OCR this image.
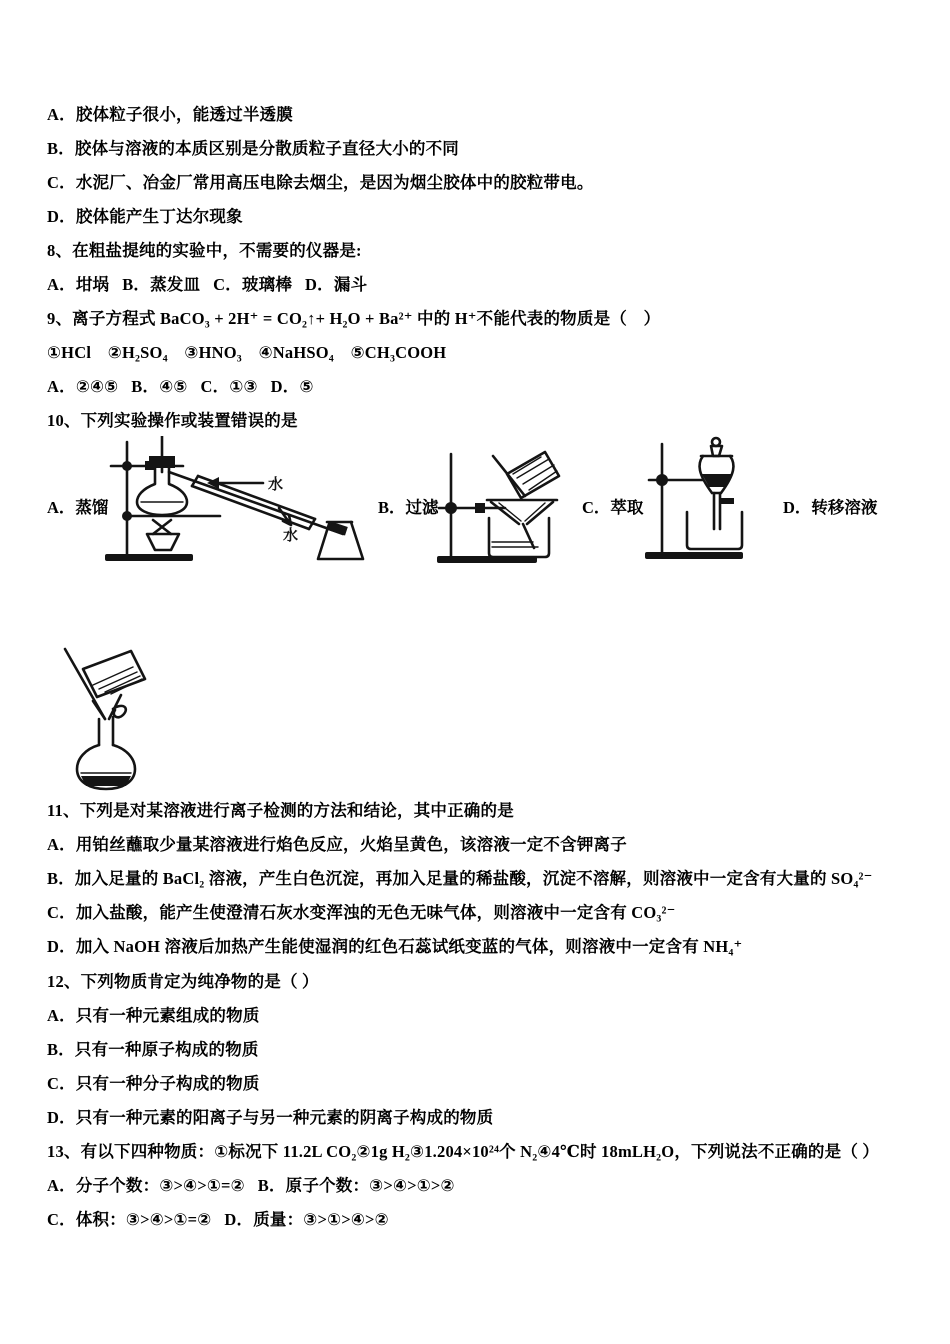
A．胶体粒子很小，能透过半透膜
B．胶体与溶液的本质区别是分散质粒子直径大小的不同
C．水泥厂、冶金厂常用高压电除去烟尘，是因为烟尘胶体中的胶粒带电。
D．胶体能产生丁达尔现象
8、在粗盐提纯的实验中，不需要的仪器是:
A．坩埚   B．蒸发皿   C．玻璃棒   D．漏斗
9、离子方程式 BaCO₃ + 2H⁺ = CO₂↑+ H₂O + Ba²⁺ 中的 H⁺不能代表的物质是（　）
①HCl　②H₂SO₄　③HNO₃　④NaHSO₄　⑤CH₃COOH
A．②④⑤   B．④⑤   C．①③   D．⑤
10、下列实验操作或装置错误的是
A．蒸馏	B．过滤	C．萃取	D．转移溶液
水
水
11、下列是对某溶液进行离子检测的方法和结论，其中正确的是
A．用铂丝蘸取少量某溶液进行焰色反应，火焰呈黄色，该溶液一定不含钾离子
B．加入足量的 BaCl₂ 溶液，产生白色沉淀，再加入足量的稀盐酸，沉淀不溶解，则溶液中一定含有大量的 SO₄²⁻
C．加入盐酸，能产生使澄清石灰水变浑浊的无色无味气体，则溶液中一定含有 CO₃²⁻
D．加入 NaOH 溶液后加热产生能使湿润的红色石蕊试纸变蓝的气体，则溶液中一定含有 NH₄⁺
12、下列物质肯定为纯净物的是（ ）
A．只有一种元素组成的物质
B．只有一种原子构成的物质
C．只有一种分子构成的物质
D．只有一种元素的阳离子与另一种元素的阴离子构成的物质
13、有以下四种物质：①标况下 11.2L CO₂②1g H₂③1.204×10²⁴个 N₂④4℃时 18mLH₂O，下列说法不正确的是（ ）
A．分子个数：③>④>①=②   B．原子个数：③>④>①>②
C．体积：③>④>①=②   D．质量：③>①>④>②
